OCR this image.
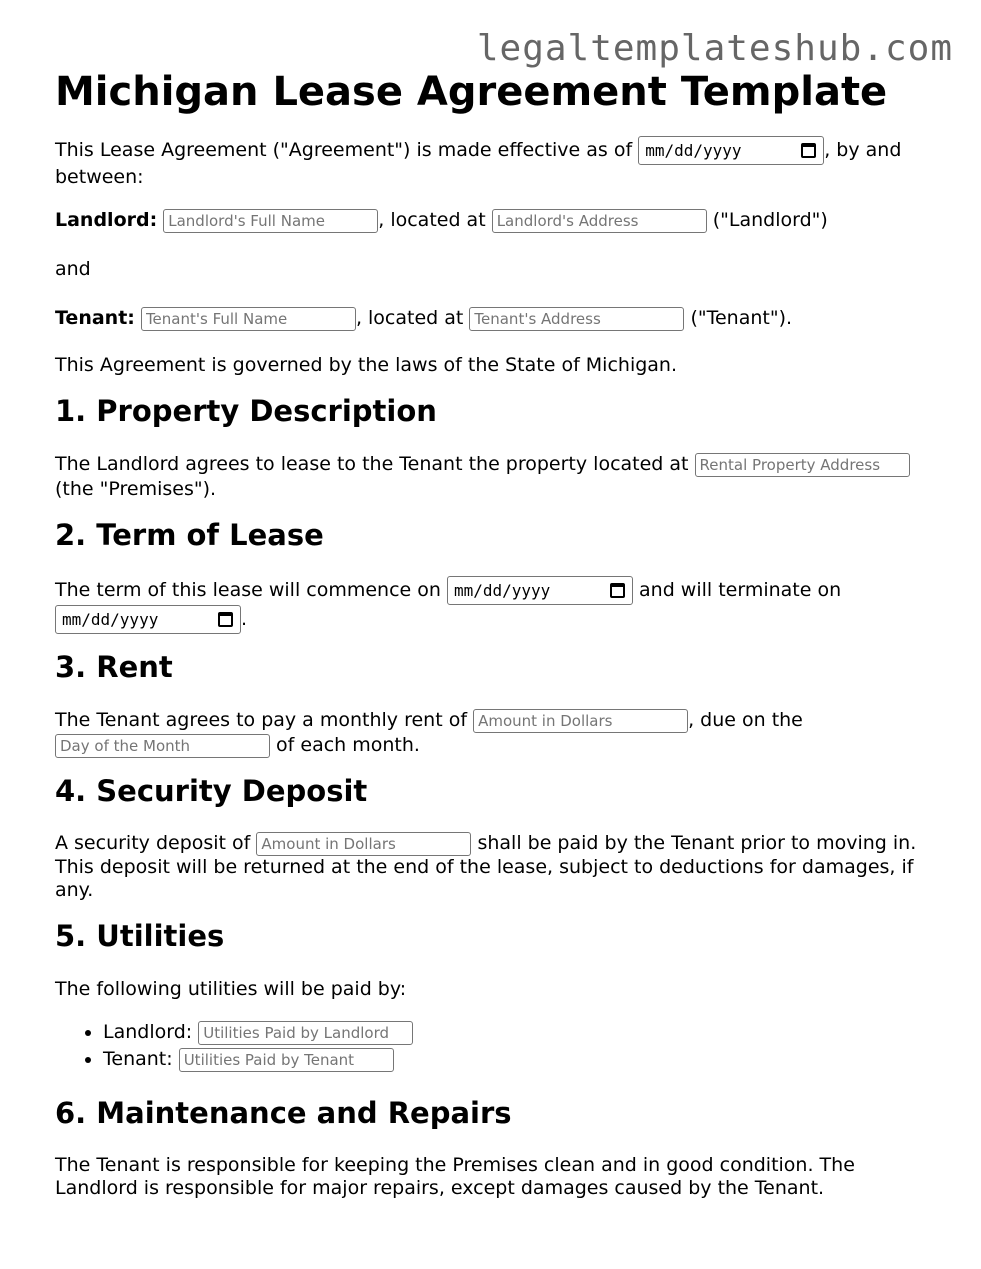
legaltemplateshub.com
Michigan Lease Agreement Template

This Lease Agreement ("Agreement") is made effective as of mm/dd/yyyy	, by and between:

Landlord: Landlord's Full Name	, located at Landlord's Address	("Landlord")

and

Tenant: Tenant's Full Name	, located at Tenant's Address	("Tenant").

This Agreement is governed by the laws of the State of Michigan.

1. Property Description

The Landlord agrees to lease to the Tenant the property located at Rental Property Address (the "Premises").

2. Term of Lease

The term of this lease will commence on mm/dd/yyyy	and will terminate on mm/dd/yyyy	.

3. Rent

The Tenant agrees to pay a monthly rent of Amount in Dollars	, due on the Day of the Month of each month.

4. Security Deposit

A security deposit of Amount in Dollars	shall be paid by the Tenant prior to moving in. This deposit will be returned at the end of the lease, subject to deductions for damages, if any.

5. Utilities

The following utilities will be paid by:

• Landlord: Utilities Paid by Landlord
• Tenant: Utilities Paid by Tenant
6. Maintenance and Repairs

The Tenant is responsible for keeping the Premises clean and in good condition. The Landlord is responsible for major repairs, except damages caused by the Tenant.
